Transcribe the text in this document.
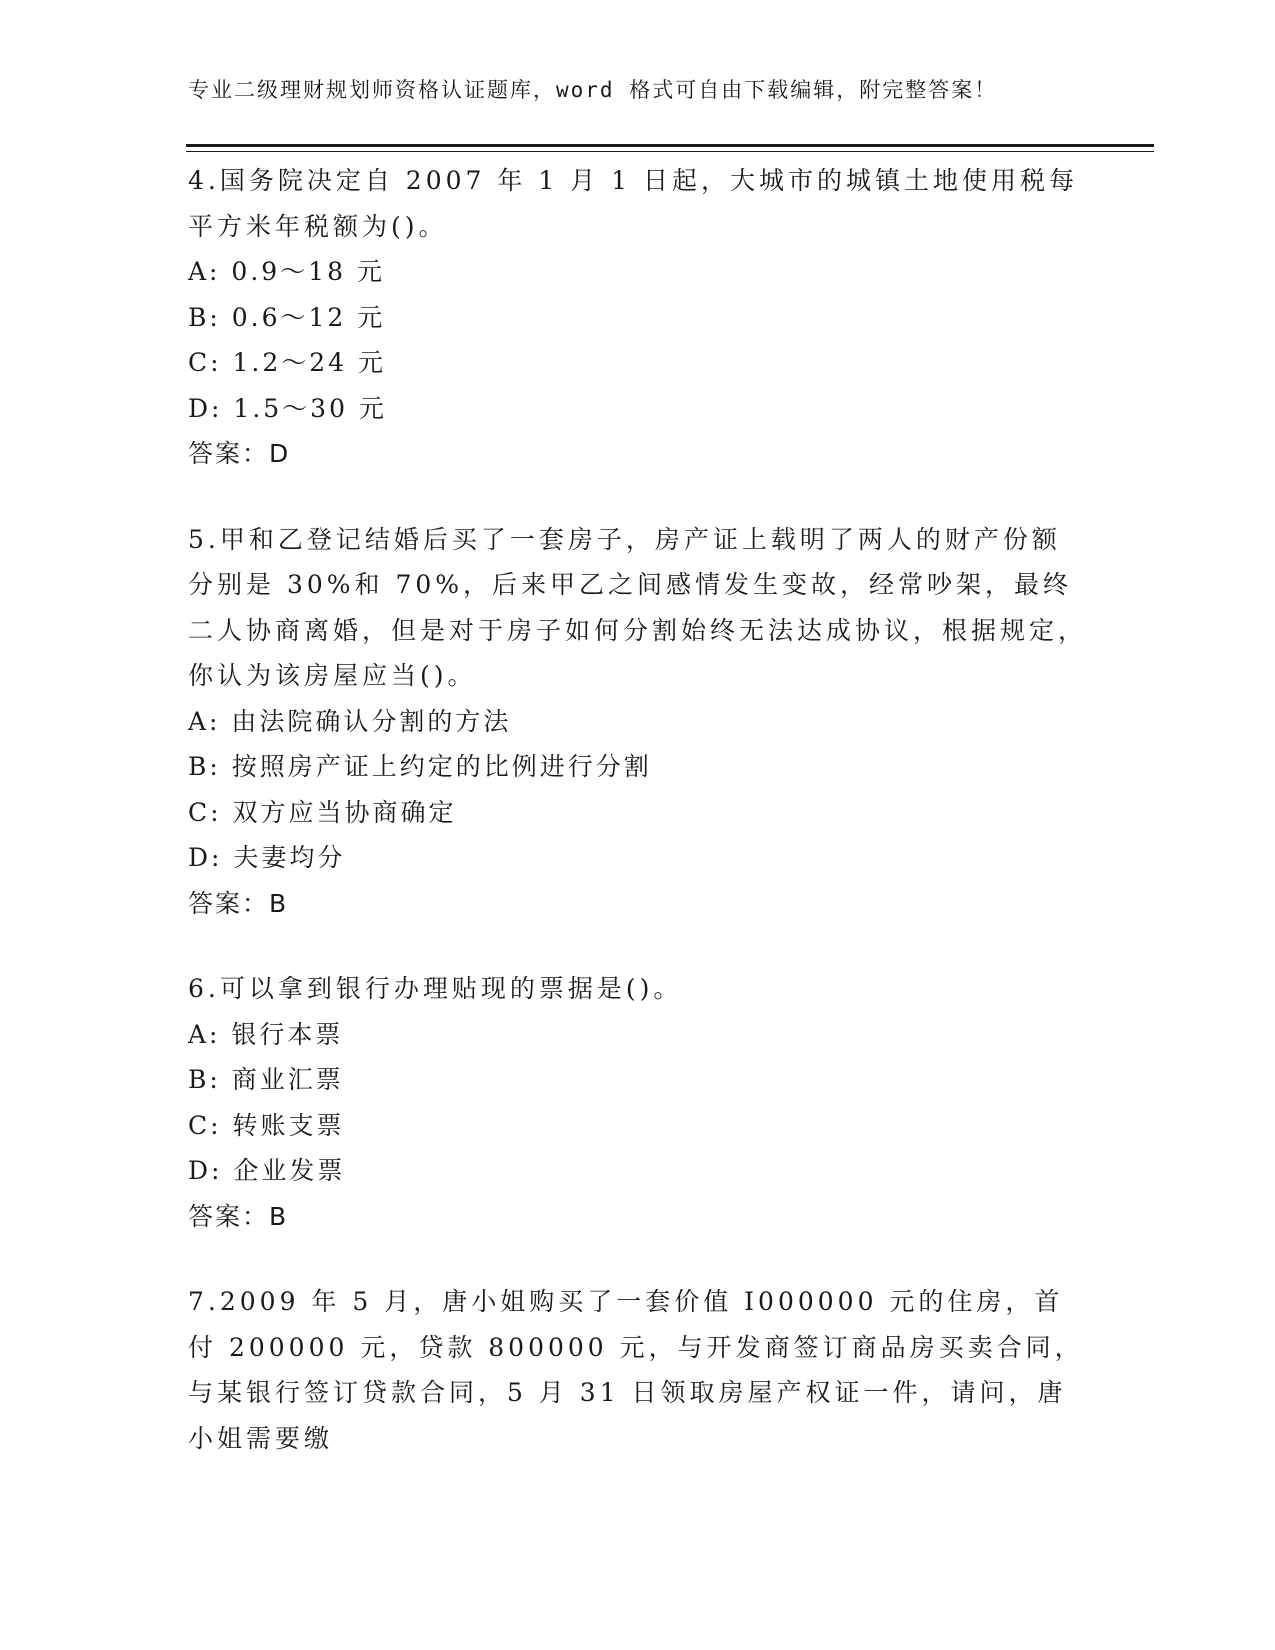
专业二级理财规划师资格认证题库，word 格式可自由下载编辑，附完整答案！

4.国务院决定自 2007 年 1 月 1 日起，大城市的城镇土地使用税每平方米年税额为()。

A: 0.9～18 元

B: 0.6～12 元

C: 1.2～24 元

D: 1.5～30 元

答案：D

5.甲和乙登记结婚后买了一套房子，房产证上载明了两人的财产份额分别是 30%和 70%，后来甲乙之间感情发生变故，经常吵架，最终二人协商离婚，但是对于房子如何分割始终无法达成协议，根据规定，你认为该房屋应当()。

A: 由法院确认分割的方法

B: 按照房产证上约定的比例进行分割

C: 双方应当协商确定

D: 夫妻均分

答案：B

6.可以拿到银行办理贴现的票据是()。

A: 银行本票

B: 商业汇票

C: 转账支票

D: 企业发票

答案：B

7.2009 年 5 月，唐小姐购买了一套价值 I000000 元的住房，首付 200000 元，贷款 800000 元，与开发商签订商品房买卖合同，与某银行签订贷款合同，5 月 31 日领取房屋产权证一件，请问，唐小姐需要缴
